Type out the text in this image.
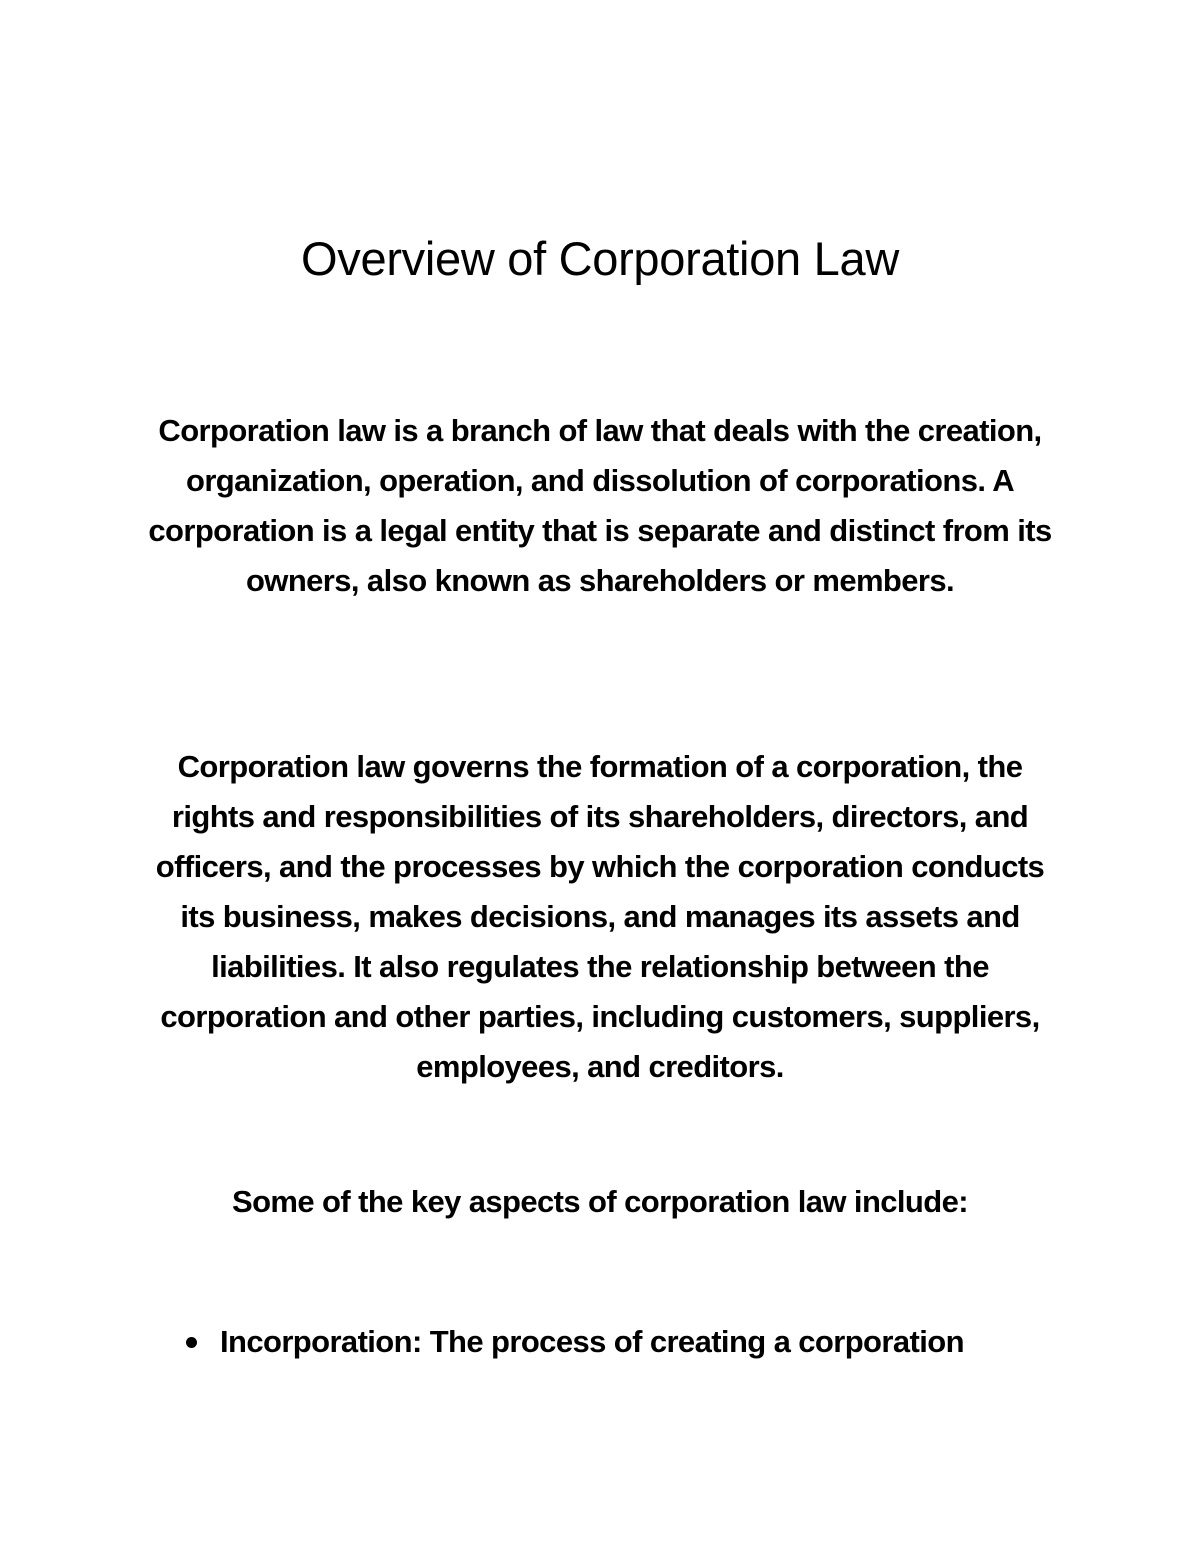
Overview of Corporation Law

Corporation law is a branch of law that deals with the creation, organization, operation, and dissolution of corporations. A corporation is a legal entity that is separate and distinct from its owners, also known as shareholders or members.

Corporation law governs the formation of a corporation, the rights and responsibilities of its shareholders, directors, and officers, and the processes by which the corporation conducts its business, makes decisions, and manages its assets and liabilities. It also regulates the relationship between the corporation and other parties, including customers, suppliers, employees, and creditors.

Some of the key aspects of corporation law include:

Incorporation: The process of creating a corporation
